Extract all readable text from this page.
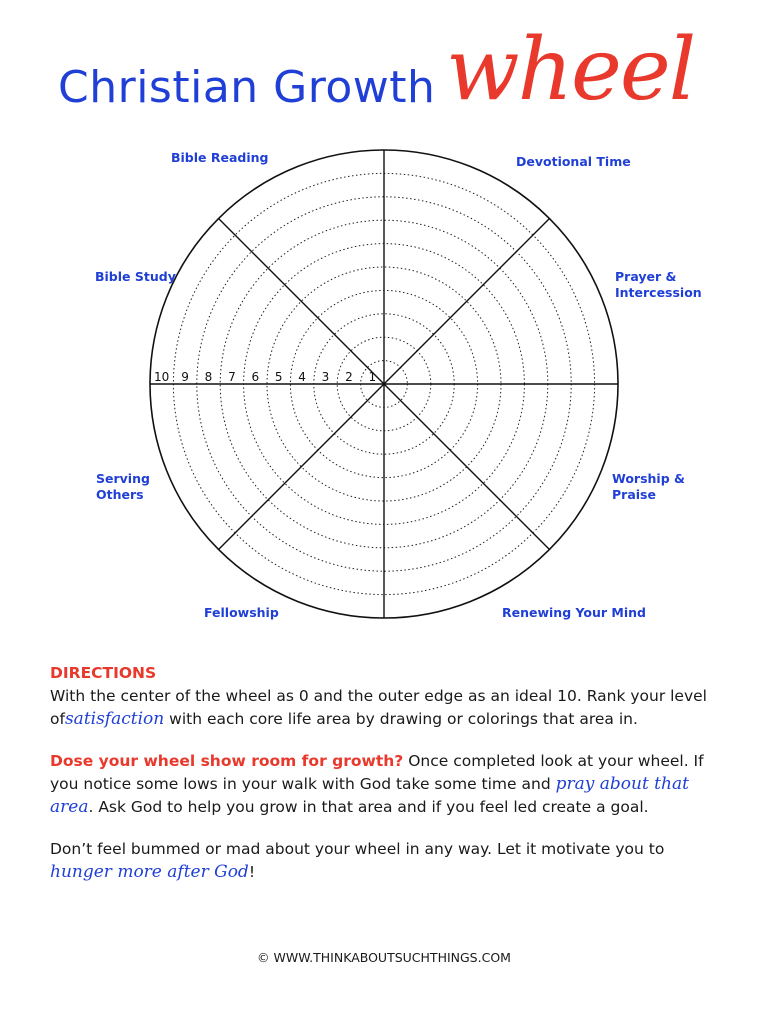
Christian Growth wheel
1
2
3
4
5
6
7
8
9
10
Bible Reading	Devotional Time
Prayer &
Intercession
Worship &
Praise
Renewing Your Mind
Fellowship
Serving
Others
Bible Study

DIRECTIONS

With the center of the wheel as 0 and the outer edge as an ideal 10. Rank your level ofsatisfaction with each core life area by drawing or colorings that area in.

Dose your wheel show room for growth? Once completed look at your wheel. If you notice some lows in your walk with God take some time and pray about that area. Ask God to help you grow in that area and if you feel led create a goal.

Don’t feel bummed or mad about your wheel in any way. Let it motivate you to hunger more after God!

© WWW.THINKABOUTSUCHTHINGS.COM
